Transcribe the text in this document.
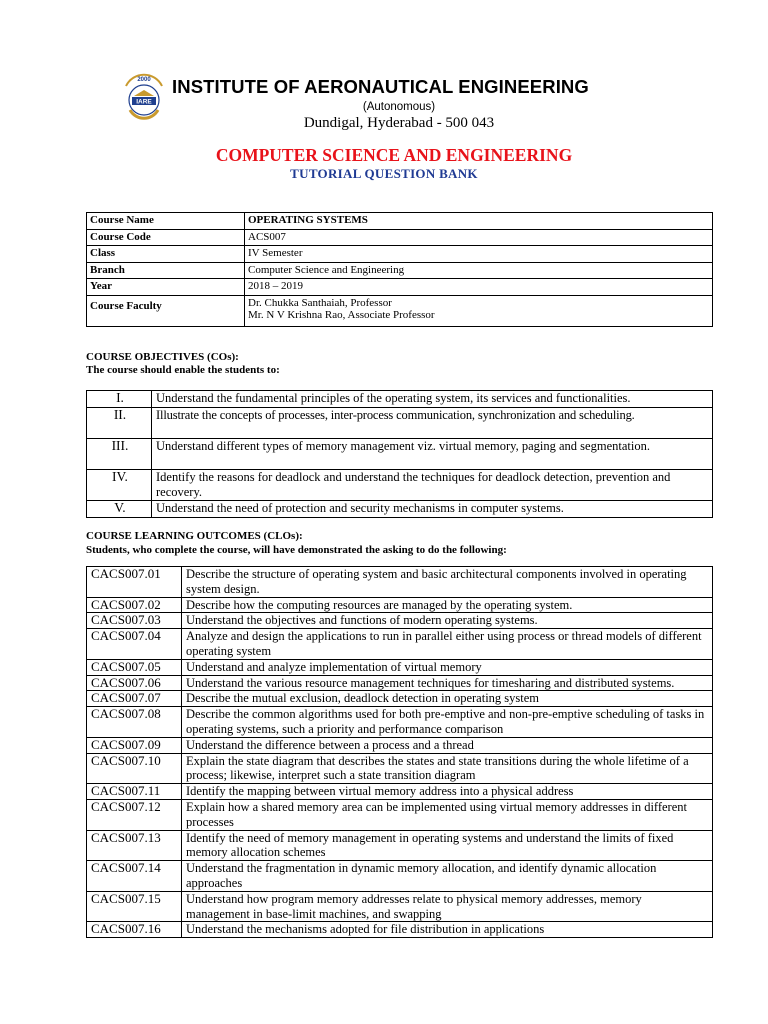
2000
IARE
INSTITUTE OF AERONAUTICAL ENGINEERING
(Autonomous)
Dundigal, Hyderabad - 500 043
COMPUTER SCIENCE AND ENGINEERING
TUTORIAL QUESTION BANK
Course Name	OPERATING SYSTEMS
Course Code	ACS007
Class	IV Semester
Branch	Computer Science and Engineering
Year	2018 – 2019
Course Faculty	Dr. Chukka Santhaiah, Professor
Mr. N V Krishna Rao, Associate Professor
COURSE OBJECTIVES (COs):
The course should enable the students to:
I.	Understand the fundamental principles of the operating system, its services and functionalities.
II.	Illustrate the concepts of processes, inter-process communication, synchronization and scheduling.
III.	Understand different types of memory management viz. virtual memory, paging and segmentation.
IV.	Identify the reasons for deadlock and understand the techniques for deadlock detection, prevention and recovery.
V.	Understand the need of protection and security mechanisms in computer systems.
COURSE LEARNING OUTCOMES (CLOs):
Students, who complete the course, will have demonstrated the asking to do the following:
CACS007.01	Describe the structure of operating system and basic architectural components involved in operating system design.
CACS007.02	Describe how the computing resources are managed by the operating system.
CACS007.03	Understand the objectives and functions of modern operating systems.
CACS007.04	Analyze and design the applications to run in parallel either using process or thread models of different operating system
CACS007.05	Understand and analyze implementation of virtual memory
CACS007.06	Understand the various resource management techniques for timesharing and distributed systems.
CACS007.07	Describe the mutual exclusion, deadlock detection in operating system
CACS007.08	Describe the common algorithms used for both pre-emptive and non-pre-emptive scheduling of tasks in operating systems, such a priority and performance comparison
CACS007.09	Understand the difference between a process and a thread
CACS007.10	Explain the state diagram that describes the states and state transitions during the whole lifetime of a process; likewise, interpret such a state transition diagram
CACS007.11	Identify the mapping between virtual memory address into a physical address
CACS007.12	Explain how a shared memory area can be implemented using virtual memory addresses in different processes
CACS007.13	Identify the need of memory management in operating systems and understand the limits of fixed memory allocation schemes
CACS007.14	Understand the fragmentation in dynamic memory allocation, and identify dynamic allocation approaches
CACS007.15	Understand how program memory addresses relate to physical memory addresses, memory management in base-limit machines, and swapping
CACS007.16	Understand the mechanisms adopted for file distribution in applications
